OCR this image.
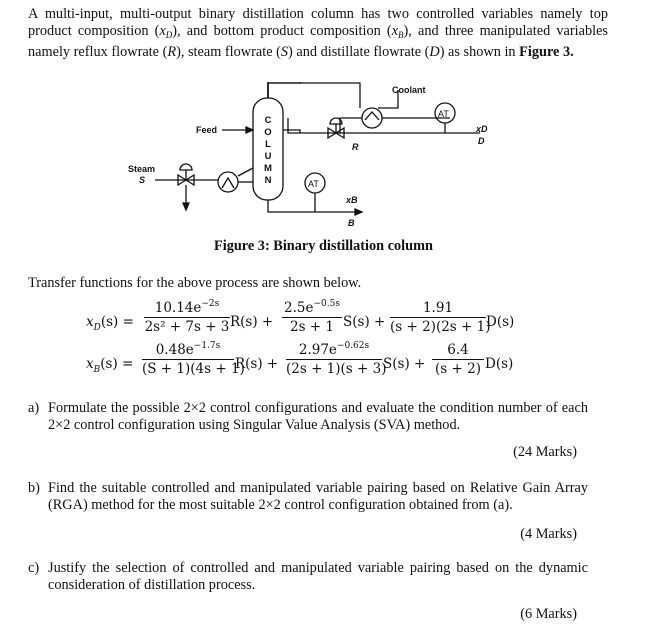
A multi-input, multi-output binary distillation column has two controlled variables namely top product composition $(x_D)$, and bottom product composition $(x_B)$, and three manipulated variables namely reflux flowrate (R), steam flowrate (S) and distillate flowrate (D) as shown in Figure 3.
Coolant
Feed
Steam
S
AT
AT
xD
D
R
xB
B
C
O
L
U
M
N
Figure 3: Binary distillation column
Transfer functions for the above process are shown below.
$x_D(s)$ =
$10.14e^{-2s}$
2s² + 7s + 3 R(s) +
$2.5e^{-0.5s}$
2s + 1 S(s) +
1.91
(s + 2)(2s + 1)
D(s)
$x_B(s)$ =
$0.48e^{-1.7s}$
(S + 1)(4s + 1)
R(s) +
$2.97e^{-0.62s}$
(2s + 1)(s + 3)
S(s) +
6.4
(s + 2) D(s)
a) Formulate the possible 2×2 control configurations and evaluate the condition number of each 2×2 control configuration using Singular Value Analysis (SVA) method.
(24 Marks)
b) Find the suitable controlled and manipulated variable pairing based on Relative Gain Array (RGA) method for the most suitable 2×2 control configuration obtained from (a).
(4 Marks)
c) Justify the selection of controlled and manipulated variable pairing based on the dynamic consideration of distillation process.
(6 Marks)
